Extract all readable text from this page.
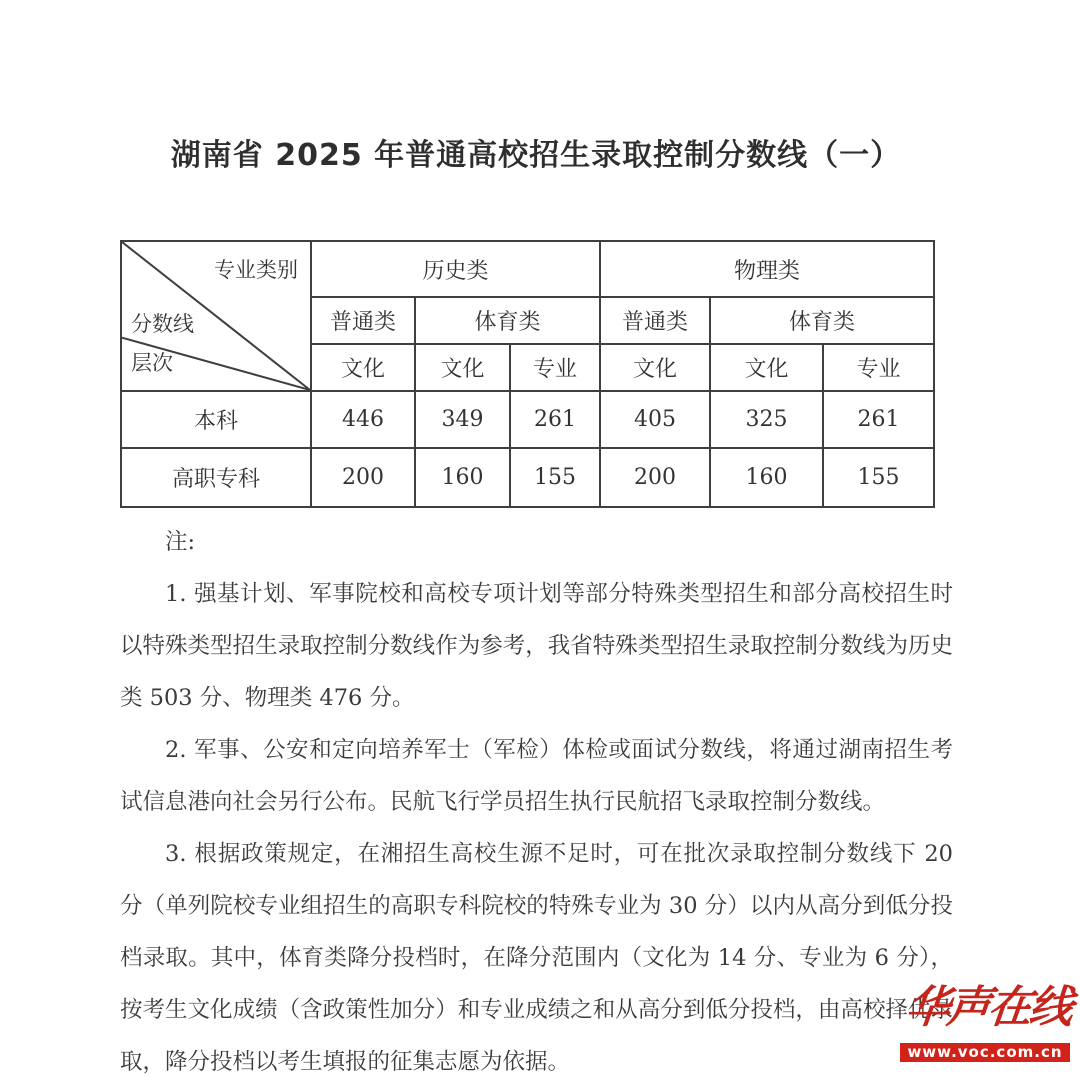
湖南省 2025 年普通高校招生录取控制分数线（一）
专业类别
分数线
层次	历史类			物理类		
	普通类	体育类		普通类	体育类	
	文化	文化	专业	文化	文化	专业
本科	446	349	261	405	325	261
高职专科	200	160	155	200	160	155

注:

1. 强基计划、军事院校和高校专项计划等部分特殊类型招生和部分高校招生时以特殊类型招生录取控制分数线作为参考，我省特殊类型招生录取控制分数线为历史类 503 分、物理类 476 分。

2. 军事、公安和定向培养军士（军检）体检或面试分数线，将通过湖南招生考试信息港向社会另行公布。民航飞行学员招生执行民航招飞录取控制分数线。

3. 根据政策规定，在湘招生高校生源不足时，可在批次录取控制分数线下 20 分（单列院校专业组招生的高职专科院校的特殊专业为 30 分）以内从高分到低分投档录取。其中，体育类降分投档时，在降分范围内（文化为 14 分、专业为 6 分），按考生文化成绩（含政策性加分）和专业成绩之和从高分到低分投档，由高校择优录取，降分投档以考生填报的征集志愿为依据。

华声在线
www.voc.com.cn
